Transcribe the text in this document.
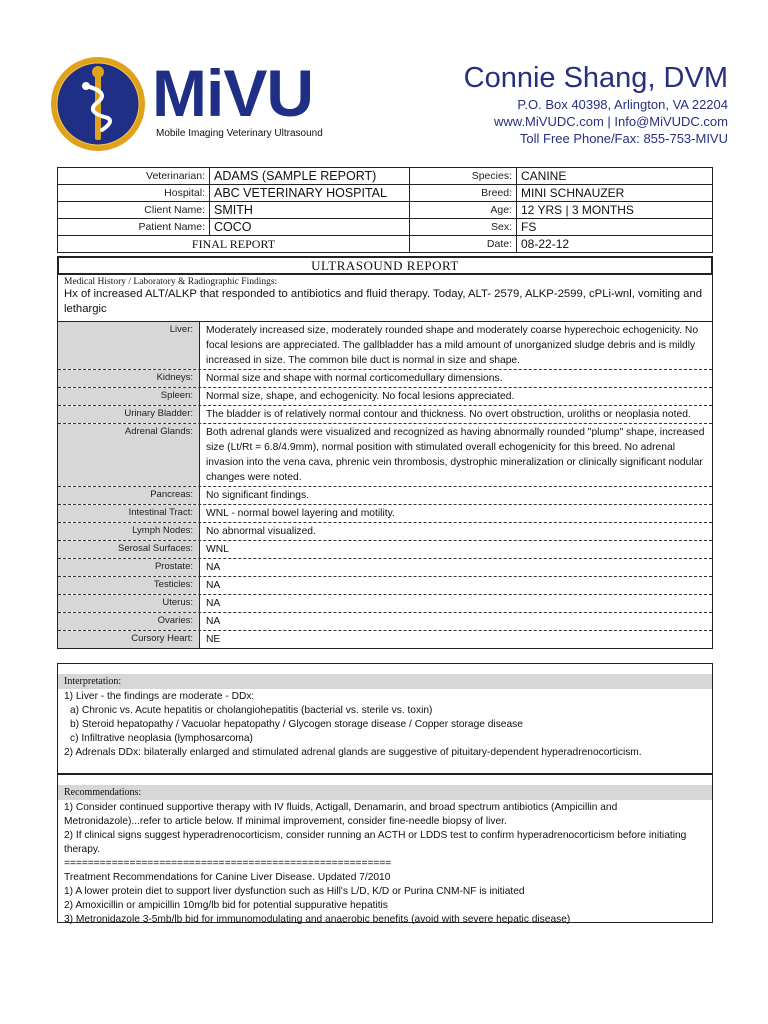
MiVU
Mobile Imaging Veterinary Ultrasound
Connie Shang, DVM
P.O. Box 40398, Arlington, VA 22204
www.MiVUDC.com | Info@MiVUDC.com
Toll Free Phone/Fax: 855-753-MIVU
Veterinarian:	ADAMS (SAMPLE REPORT)	Species:	CANINE
Hospital:	ABC VETERINARY HOSPITAL	Breed:	MINI SCHNAUZER
Client Name:	SMITH	Age:	12 YRS | 3 MONTHS
Patient Name:	COCO	Sex:	FS
FINAL REPORT		Date:	08-22-12
ULTRASOUND REPORT
Medical History / Laboratory & Radiographic Findings:
Hx of increased ALT/ALKP that responded to antibiotics and fluid therapy. Today, ALT- 2579, ALKP-2599, cPLi-wnl, vomiting and lethargic
Liver:	Moderately increased size, moderately rounded shape and moderately coarse hyperechoic echogenicity. No focal lesions are appreciated. The gallbladder has a mild amount of unorganized sludge debris and is mildly increased in size. The common bile duct is normal in size and shape.
Kidneys:	Normal size and shape with normal corticomedullary dimensions.
Spleen:	Normal size, shape, and echogenicity. No focal lesions appreciated.
Urinary Bladder:	The bladder is of relatively normal contour and thickness. No overt obstruction, uroliths or neoplasia noted.
Adrenal Glands:	Both adrenal glands were visualized and recognized as having abnormally rounded "plump" shape, increased size (Lt/Rt = 6.8/4.9mm), normal position with stimulated overall echogenicity for this breed. No adrenal invasion into the vena cava, phrenic vein thrombosis, dystrophic mineralization or clinically significant nodular changes were noted.
Pancreas:	No significant findings.
Intestinal Tract:	WNL - normal bowel layering and motility.
Lymph Nodes:	No abnormal visualized.
Serosal Surfaces:	WNL
Prostate:	NA
Testicles:	NA
Uterus:	NA
Ovaries:	NA
Cursory Heart:	NE
Interpretation:
1) Liver - the findings are moderate - DDx:
a) Chronic vs. Acute hepatitis or cholangiohepatitis (bacterial vs. sterile vs. toxin)
b) Steroid hepatopathy / Vacuolar hepatopathy / Glycogen storage disease / Copper storage disease
c) Infiltrative neoplasia (lymphosarcoma)
2) Adrenals DDx: bilaterally enlarged and stimulated adrenal glands are suggestive of pituitary-dependent hyperadrenocorticism.
Recommendations:
1) Consider continued supportive therapy with IV fluids, Actigall, Denamarin, and broad spectrum antibiotics (Ampicillin and Metronidazole)...refer to article below. If minimal improvement, consider fine-needle biopsy of liver.
2) If clinical signs suggest hyperadrenocorticism, consider running an ACTH or LDDS test to confirm hyperadrenocorticism before initiating therapy.
=======================================================
Treatment Recommendations for Canine Liver Disease. Updated 7/2010
1) A lower protein diet to support liver dysfunction such as Hill's L/D, K/D or Purina CNM-NF is initiated
2) Amoxicillin or ampicillin 10mg/lb bid for potential suppurative hepatitis
3) Metronidazole 3-5mb/lb bid for immunomodulating and anaerobic benefits (avoid with severe hepatic disease)
